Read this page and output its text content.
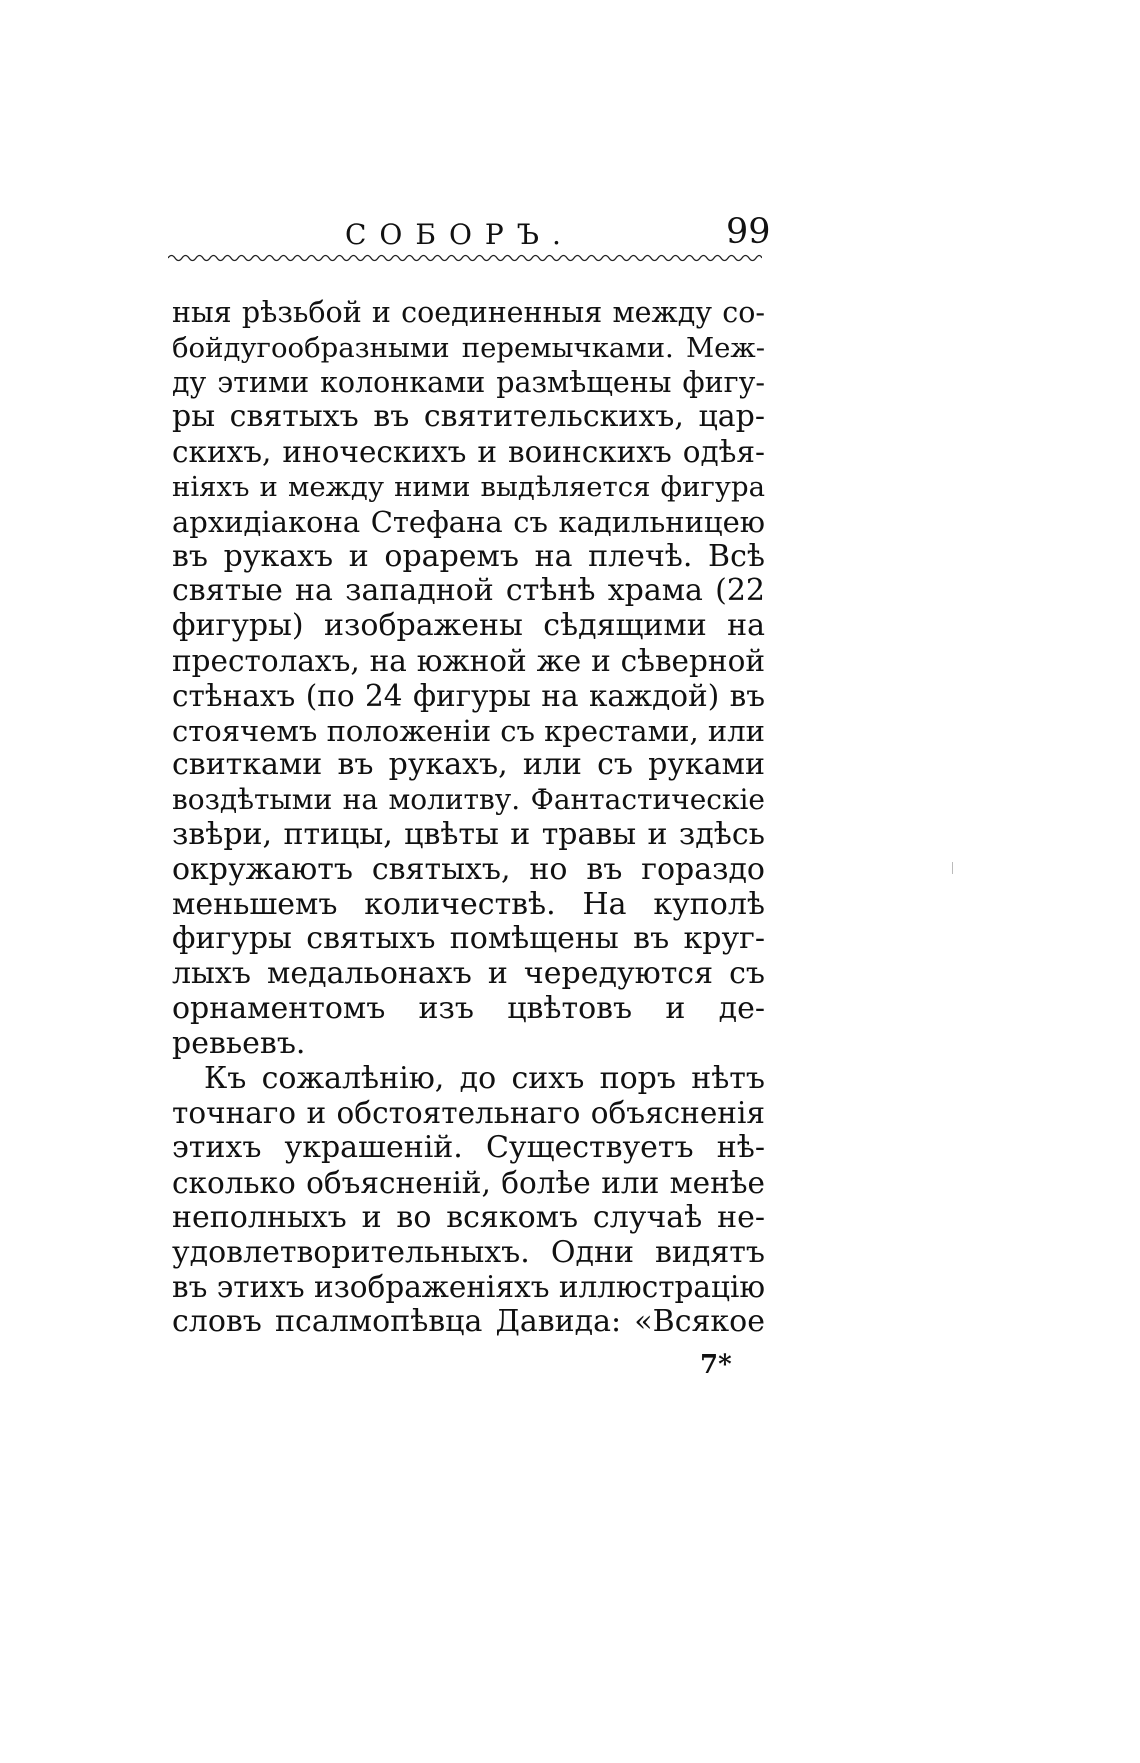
СОБОРЪ.	99
ныя рѣзьбой и соединенныя между со-
бойдугообразными перемычками. Меж-
ду этими колонками размѣщены фигу-
ры святыхъ въ святительскихъ, цар-
скихъ, иноческихъ и воинскихъ одѣя-
ніяхъ и между ними выдѣляется фигура
архидіакона Стефана съ кадильницею
въ рукахъ и ораремъ на плечѣ. Всѣ
святые на западной стѣнѣ храма (22
фигуры) изображены сѣдящими на
престолахъ, на южной же и сѣверной
стѣнахъ (по 24 фигуры на каждой) въ
стоячемъ положеніи съ крестами, или
свитками въ рукахъ, или съ руками
воздѣтыми на молитву. Фантастическіе
звѣри, птицы, цвѣты и травы и здѣсь
окружаютъ святыхъ, но въ гораздо
меньшемъ количествѣ. На куполѣ
фигуры святыхъ помѣщены въ круг-
лыхъ медальонахъ и чередуются съ
орнаментомъ изъ цвѣтовъ и де-
ревьевъ.
Къ сожалѣнію, до сихъ поръ нѣтъ
точнаго и обстоятельнаго объясненія
этихъ украшеній. Существуетъ нѣ-
сколько объясненій, болѣе или менѣе
неполныхъ и во всякомъ случаѣ не-
удовлетворительныхъ. Одни видятъ
въ этихъ изображеніяхъ иллюстрацію
словъ псалмопѣвца Давида: «Всякое
7*
